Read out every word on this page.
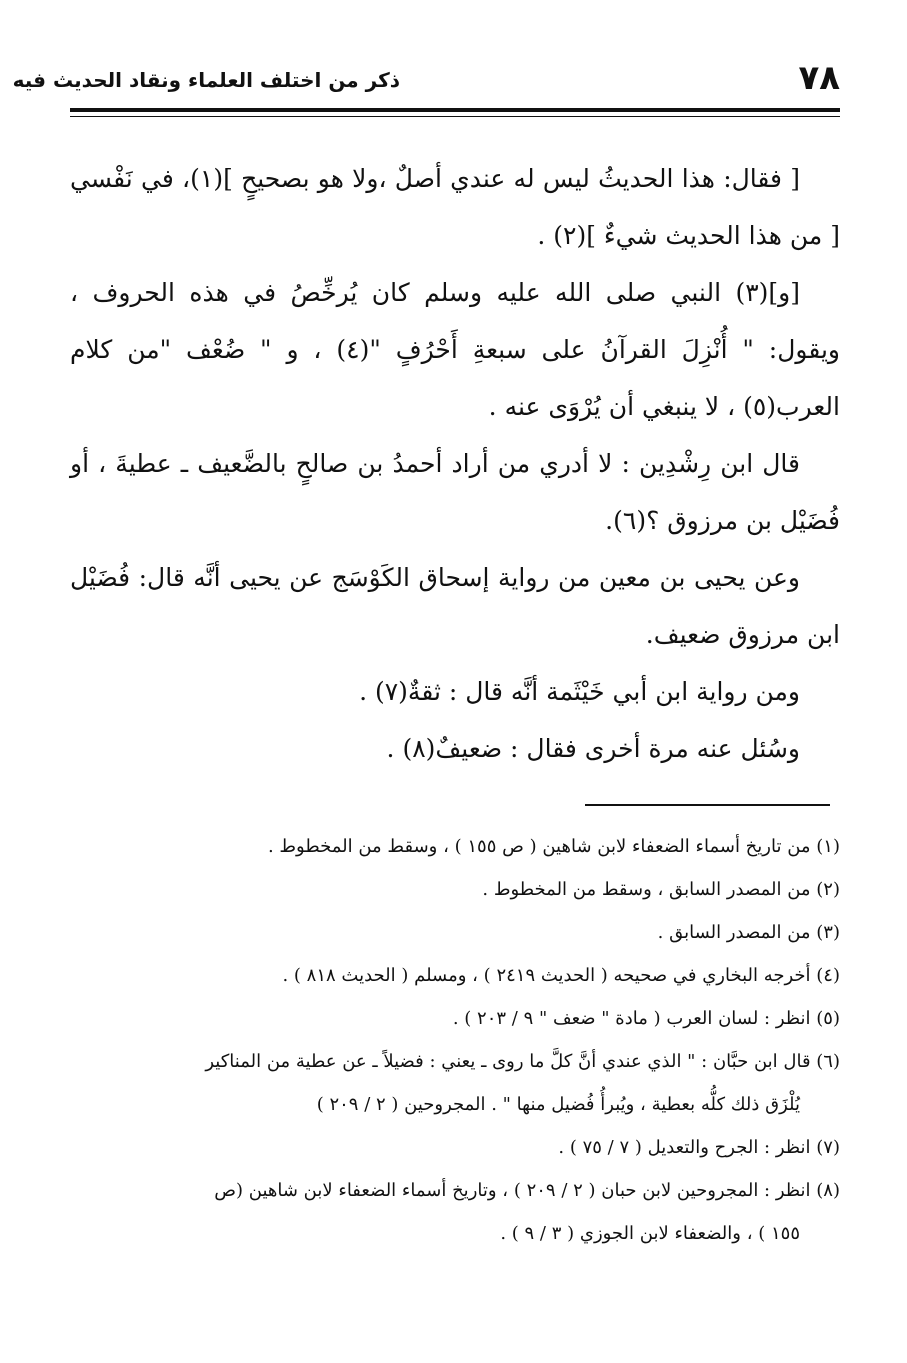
٧٨
ذكر من اختلف العلماء ونقاد الحديث فيه

[ فقال: هذا الحديثُ ليس له عندي أصلٌ ،ولا هو بصحيحٍ ](١)، في نَفْسي [ من هذا الحديث شيءٌ ](٢) .

[و](٣) النبي صلى الله عليه وسلم كان يُرخِّصُ في هذه الحروف ، ويقول: " أُنْزِلَ القرآنُ على سبعةِ أَحْرُفٍ "(٤) ، و " ضُعْف "من كلام العرب(٥) ، لا ينبغي أن يُرْوَى عنه .

قال ابن رِشْدِين : لا أدري من أراد أحمدُ بن صالحٍ بالضَّعيف ـ عطيةَ ، أو فُضَيْل بن مرزوق ؟(٦).

وعن يحيى بن معين من رواية إسحاق الكَوْسَج عن يحيى أنَّه قال: فُضَيْل ابن مرزوق ضعيف.

ومن رواية ابن أبي خَيْثَمة أنَّه قال : ثقةٌ(٧) .

وسُئل عنه مرة أخرى فقال : ضعيفٌ(٨) .

(١) من تاريخ أسماء الضعفاء لابن شاهين ( ص ١٥٥ ) ، وسقط من المخطوط .

(٢) من المصدر السابق ، وسقط من المخطوط .

(٣) من المصدر السابق .

(٤) أخرجه البخاري في صحيحه ( الحديث ٢٤١٩ ) ، ومسلم ( الحديث ٨١٨ ) .

(٥) انظر : لسان العرب ( مادة " ضعف " ٩ / ٢٠٣ ) .

(٦) قال ابن حبَّان : " الذي عندي أنَّ كلَّ ما روى ـ يعني : فضيلاً ـ عن عطية من المناكير

يُلْزَق ذلك كلُّه بعطية ، ويُبرأُ فُضيل منها " . المجروحين ( ٢ / ٢٠٩ )

(٧) انظر : الجرح والتعديل ( ٧ / ٧٥ ) .

(٨) انظر : المجروحين لابن حبان ( ٢ / ٢٠٩ ) ، وتاريخ أسماء الضعفاء لابن شاهين (ص

١٥٥ ) ، والضعفاء لابن الجوزي ( ٣ / ٩ ) .
